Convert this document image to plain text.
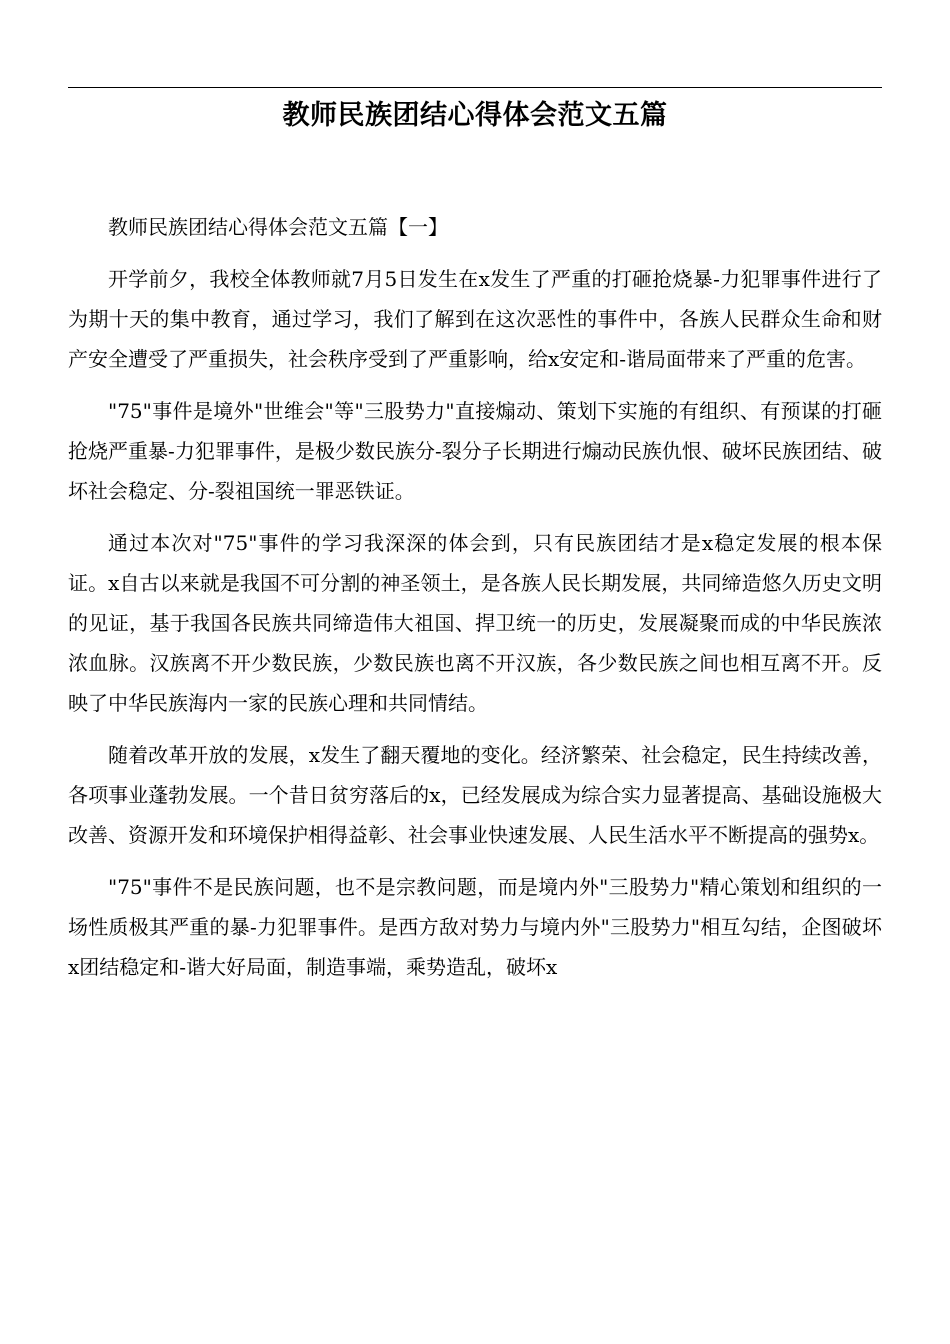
教师民族团结心得体会范文五篇

教师民族团结心得体会范文五篇【一】

开学前夕，我校全体教师就7月5日发生在x发生了严重的打砸抢烧暴-力犯罪事件进行了为期十天的集中教育，通过学习，我们了解到在这次恶性的事件中，各族人民群众生命和财产安全遭受了严重损失，社会秩序受到了严重影响，给x安定和-谐局面带来了严重的危害。

"75"事件是境外"世维会"等"三股势力"直接煽动、策划下实施的有组织、有预谋的打砸抢烧严重暴-力犯罪事件，是极少数民族分-裂分子长期进行煽动民族仇恨、破坏民族团结、破坏社会稳定、分-裂祖国统一罪恶铁证。

通过本次对"75"事件的学习我深深的体会到，只有民族团结才是x稳定发展的根本保证。x自古以来就是我国不可分割的神圣领土，是各族人民长期发展，共同缔造悠久历史文明的见证，基于我国各民族共同缔造伟大祖国、捍卫统一的历史，发展凝聚而成的中华民族浓浓血脉。汉族离不开少数民族，少数民族也离不开汉族，各少数民族之间也相互离不开。反映了中华民族海内一家的民族心理和共同情结。

随着改革开放的发展，x发生了翻天覆地的变化。经济繁荣、社会稳定，民生持续改善，各项事业蓬勃发展。一个昔日贫穷落后的x，已经发展成为综合实力显著提高、基础设施极大改善、资源开发和环境保护相得益彰、社会事业快速发展、人民生活水平不断提高的强势x。

"75"事件不是民族问题，也不是宗教问题，而是境内外"三股势力"精心策划和组织的一场性质极其严重的暴-力犯罪事件。是西方敌对势力与境内外"三股势力"相互勾结，企图破坏x团结稳定和-谐大好局面，制造事端，乘势造乱，破坏x
